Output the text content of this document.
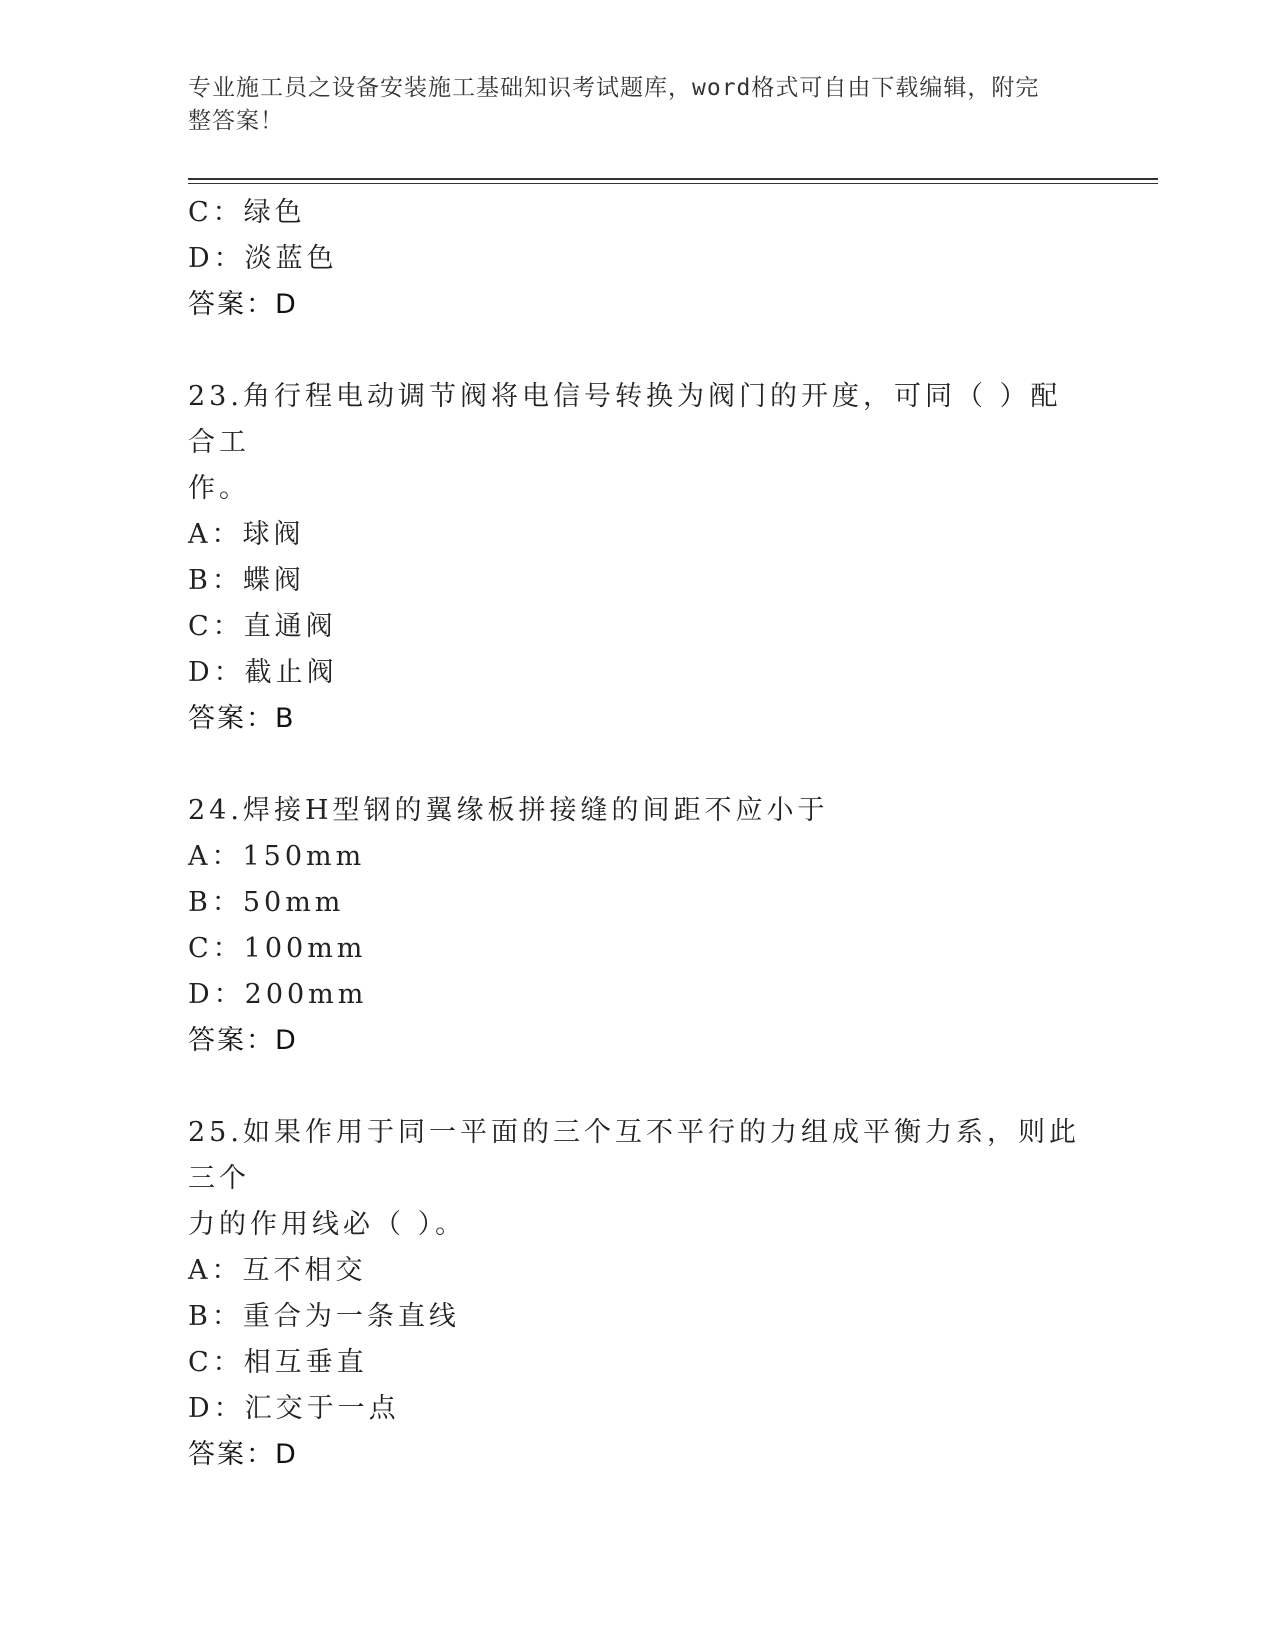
专业施工员之设备安装施工基础知识考试题库，word格式可自由下载编辑，附完
整答案！
C：绿色
D：淡蓝色
答案：D
23.角行程电动调节阀将电信号转换为阀门的开度，可同（ ）配合工
作。
A：球阀
B：蝶阀
C：直通阀
D：截止阀
答案：B
24.焊接H型钢的翼缘板拼接缝的间距不应小于
A：150mm
B：50mm
C：100mm
D：200mm
答案：D
25.如果作用于同一平面的三个互不平行的力组成平衡力系，则此三个
力的作用线必（ ）。
A：互不相交
B：重合为一条直线
C：相互垂直
D：汇交于一点
答案：D
